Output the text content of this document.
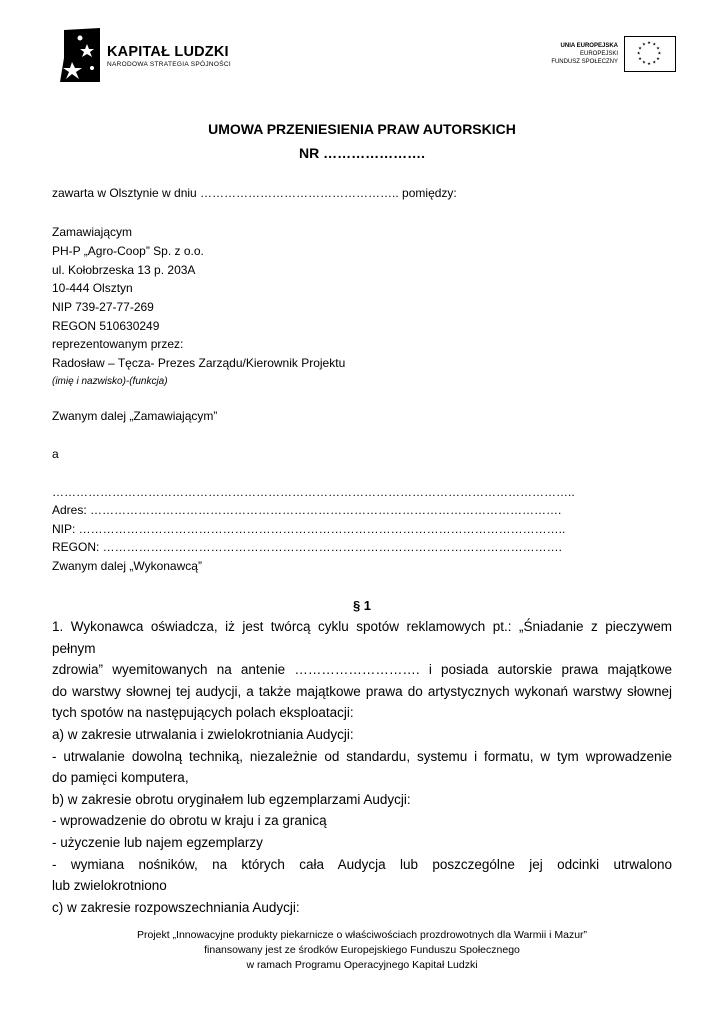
KAPITAŁ LUDZKI
NARODOWA STRATEGIA SPÓJNOŚCI
UNIA EUROPEJSKA
EUROPEJSKI
FUNDUSZ SPOŁECZNY
★ ★
★
★
★
★
★
★
★
★
★
★
UMOWA PRZENIESIENIA PRAW AUTORSKICH
NR ………………….
zawarta w Olsztynie w dniu ………………………………………….. pomiędzy:
Zamawiającym
PH-P „Agro-Coop” Sp. z o.o.
ul. Kołobrzeska 13 p. 203A
10-444 Olsztyn
NIP 739-27-77-269
REGON 510630249
reprezentowanym przez:
Radosław – Tęcza- Prezes Zarządu/Kierownik Projektu
(imię i nazwisko)-(funkcja)
Zwanym dalej „Zamawiającym”
a
…………………………………………………………………………………………………………………..
Adres: ……………………………………………………………………………………………………….
NIP: …………………………………………………………………………………………………………..
REGON: …………………………………………………………………………………………………….
Zwanym dalej „Wykonawcą”
§ 1
1. Wykonawca oświadcza, iż jest twórcą cyklu spotów reklamowych pt.: „Śniadanie z pieczywem pełnym
zdrowia” wyemitowanych na antenie ………………………. i posiada autorskie prawa majątkowe
do warstwy słownej tej audycji, a także majątkowe prawa do artystycznych wykonań warstwy słownej
tych spotów na następujących polach eksploatacji:
a) w zakresie utrwalania i zwielokrotniania Audycji:
- utrwalanie dowolną techniką, niezależnie od standardu, systemu i formatu, w tym wprowadzenie
do pamięci komputera,
b) w zakresie obrotu oryginałem lub egzemplarzami Audycji:
- wprowadzenie do obrotu w kraju i za granicą
- użyczenie lub najem egzemplarzy
- wymiana nośników, na których cała Audycja lub poszczególne jej odcinki utrwalono
lub zwielokrotniono
c) w zakresie rozpowszechniania Audycji:
Projekt „Innowacyjne produkty piekarnicze o właściwościach prozdrowotnych dla Warmii i Mazur”
finansowany jest ze środków Europejskiego Funduszu Społecznego
w ramach Programu Operacyjnego Kapitał Ludzki
